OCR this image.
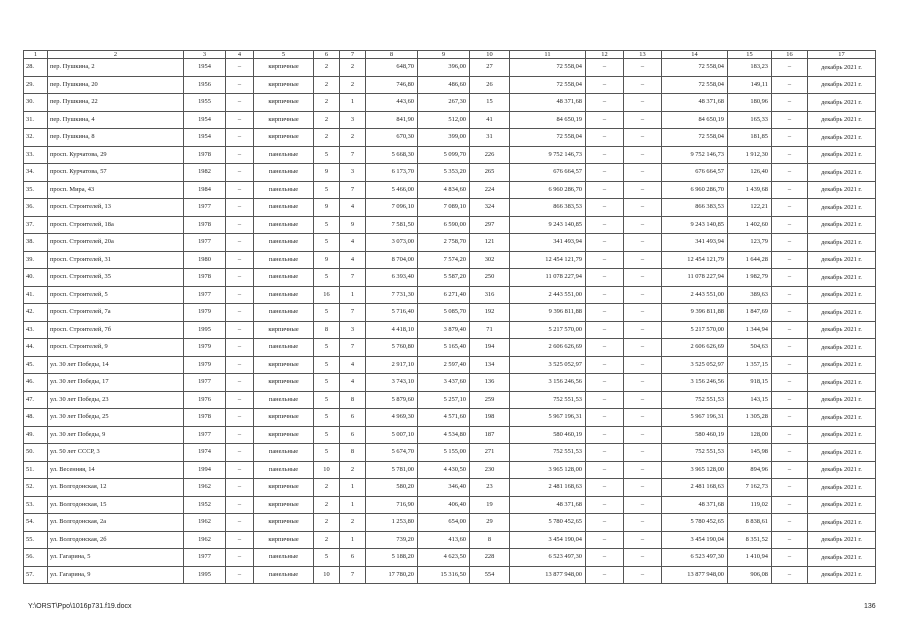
1	2	3	4	5	6	7	8	9	10	11	12	13	14	15	16	17
28.	пер. Пушкина, 2	1954	–	кирпичные	2	2	648,70	396,00	27	72 558,04	–	–	72 558,04	183,23	–	декабрь 2021 г.
29.	пер. Пушкина, 20	1956	–	кирпичные	2	2	746,80	486,60	26	72 558,04	–	–	72 558,04	149,11	–	декабрь 2021 г.
30.	пер. Пушкина, 22	1955	–	кирпичные	2	1	443,60	267,30	15	48 371,68	–	–	48 371,68	180,96	–	декабрь 2021 г.
31.	пер. Пушкина, 4	1954	–	кирпичные	2	3	841,90	512,00	41	84 650,19	–	–	84 650,19	165,33	–	декабрь 2021 г.
32.	пер. Пушкина, 8	1954	–	кирпичные	2	2	670,30	399,00	31	72 558,04	–	–	72 558,04	181,85	–	декабрь 2021 г.
33.	просп. Курчатова, 29	1978	–	панельные	5	7	5 668,30	5 099,70	226	9 752 146,73	–	–	9 752 146,73	1 912,30	–	декабрь 2021 г.
34.	просп. Курчатова, 57	1982	–	панельные	9	3	6 173,70	5 353,20	265	676 664,57	–	–	676 664,57	126,40	–	декабрь 2021 г.
35.	просп. Мира, 43	1984	–	панельные	5	7	5 466,00	4 834,60	224	6 960 286,70	–	–	6 960 286,70	1 439,68	–	декабрь 2021 г.
36.	просп. Строителей, 13	1977	–	панельные	9	4	7 096,10	7 089,10	324	866 383,53	–	–	866 383,53	122,21	–	декабрь 2021 г.
37.	просп. Строителей, 18а	1978	–	панельные	5	9	7 581,50	6 590,00	297	9 243 140,85	–	–	9 243 140,85	1 402,60	–	декабрь 2021 г.
38.	просп. Строителей, 20а	1977	–	панельные	5	4	3 073,00	2 758,70	121	341 493,94	–	–	341 493,94	123,79	–	декабрь 2021 г.
39.	просп. Строителей, 31	1980	–	панельные	9	4	8 704,00	7 574,20	302	12 454 121,79	–	–	12 454 121,79	1 644,28	–	декабрь 2021 г.
40.	просп. Строителей, 35	1978	–	панельные	5	7	6 393,40	5 587,20	250	11 078 227,94	–	–	11 078 227,94	1 982,79	–	декабрь 2021 г.
41.	просп. Строителей, 5	1977	–	панельные	16	1	7 731,30	6 271,40	316	2 443 551,00	–	–	2 443 551,00	389,63	–	декабрь 2021 г.
42.	просп. Строителей, 7а	1979	–	панельные	5	7	5 716,40	5 085,70	192	9 396 811,88	–	–	9 396 811,88	1 847,69	–	декабрь 2021 г.
43.	просп. Строителей, 7б	1995	–	кирпичные	8	3	4 418,10	3 879,40	71	5 217 570,00	–	–	5 217 570,00	1 344,94	–	декабрь 2021 г.
44.	просп. Строителей, 9	1979	–	панельные	5	7	5 760,80	5 165,40	194	2 606 626,69	–	–	2 606 626,69	504,63	–	декабрь 2021 г.
45.	ул. 30 лет Победы, 14	1979	–	кирпичные	5	4	2 917,10	2 597,40	134	3 525 052,97	–	–	3 525 052,97	1 357,15	–	декабрь 2021 г.
46.	ул. 30 лет Победы, 17	1977	–	кирпичные	5	4	3 743,10	3 437,60	136	3 156 246,56	–	–	3 156 246,56	918,15	–	декабрь 2021 г.
47.	ул. 30 лет Победы, 23	1976	–	панельные	5	8	5 879,60	5 257,10	259	752 551,53	–	–	752 551,53	143,15	–	декабрь 2021 г.
48.	ул. 30 лет Победы, 25	1978	–	кирпичные	5	6	4 969,30	4 571,60	198	5 967 196,31	–	–	5 967 196,31	1 305,28	–	декабрь 2021 г.
49.	ул. 30 лет Победы, 9	1977	–	кирпичные	5	6	5 007,10	4 534,80	187	580 460,19	–	–	580 460,19	128,00	–	декабрь 2021 г.
50.	ул. 50 лет СССР, 3	1974	–	панельные	5	8	5 674,70	5 155,00	271	752 551,53	–	–	752 551,53	145,98	–	декабрь 2021 г.
51.	ул. Весенняя, 14	1994	–	панельные	10	2	5 781,00	4 430,50	230	3 965 128,00	–	–	3 965 128,00	894,96	–	декабрь 2021 г.
52.	ул. Волгодонская, 12	1962	–	кирпичные	2	1	580,20	346,40	23	2 481 168,63	–	–	2 481 168,63	7 162,73	–	декабрь 2021 г.
53.	ул. Волгодонская, 15	1952	–	кирпичные	2	1	716,90	406,40	19	48 371,68	–	–	48 371,68	119,02	–	декабрь 2021 г.
54.	ул. Волгодонская, 2а	1962	–	кирпичные	2	2	1 253,80	654,00	29	5 780 452,65	–	–	5 780 452,65	8 838,61	–	декабрь 2021 г.
55.	ул. Волгодонская, 2б	1962	–	кирпичные	2	1	739,20	413,60	8	3 454 190,04	–	–	3 454 190,04	8 351,52	–	декабрь 2021 г.
56.	ул. Гагарина, 5	1977	–	панельные	5	6	5 188,20	4 623,50	228	6 523 497,30	–	–	6 523 497,30	1 410,94	–	декабрь 2021 г.
57.	ул. Гагарина, 9	1995	–	панельные	10	7	17 780,20	15 316,50	554	13 877 948,00	–	–	13 877 948,00	906,08	–	декабрь 2021 г.
Y:\ORST\Ppo\1016p731.f19.docx	136
